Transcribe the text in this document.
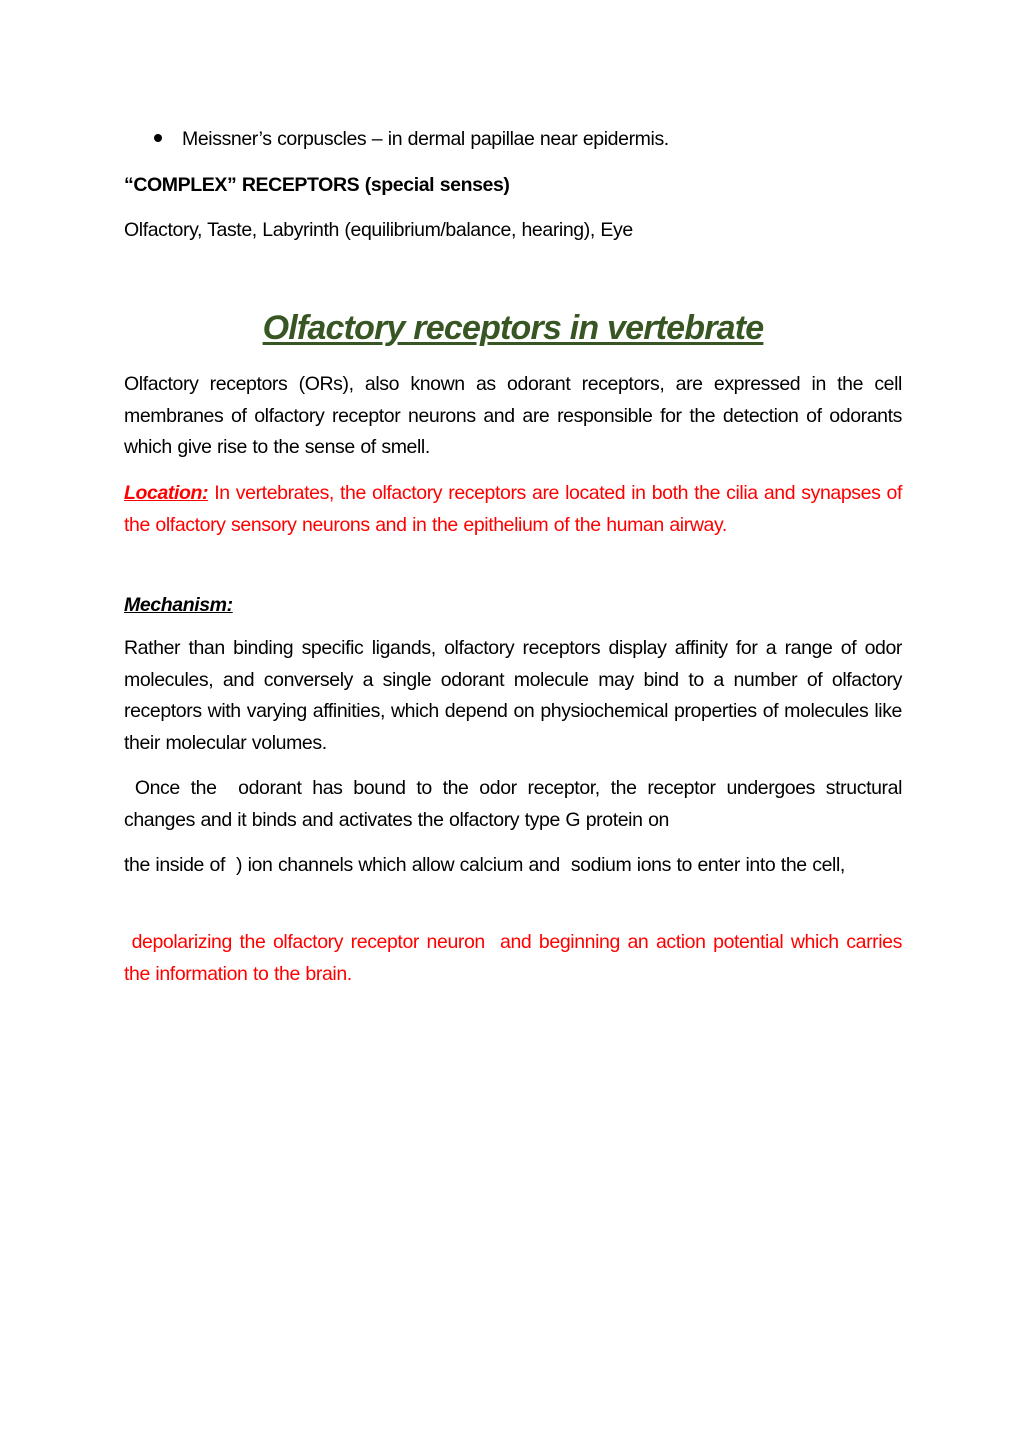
Meissner’s corpuscles – in dermal papillae near epidermis.

“COMPLEX” RECEPTORS (special senses)

Olfactory, Taste, Labyrinth (equilibrium/balance, hearing), Eye

Olfactory receptors in vertebrate

Olfactory receptors (ORs), also known as odorant receptors, are expressed in the cell membranes of olfactory receptor neurons and are responsible for the detection of odorants which give rise to the sense of smell.

Location: In vertebrates, the olfactory receptors are located in both the cilia and synapses of the olfactory sensory neurons and in the epithelium of the human airway.

Mechanism:

Rather than binding specific ligands, olfactory receptors display affinity for a range of odor molecules, and conversely a single odorant molecule may bind to a number of olfactory receptors with varying affinities, which depend on physiochemical properties of molecules like their molecular volumes.

Once the  odorant has bound to the odor receptor, the receptor undergoes structural  changes and it binds and activates the olfactory type G protein on

the inside of  ) ion channels which allow calcium and  sodium ions to enter into the cell,

depolarizing the olfactory receptor neuron  and beginning an action potential which carries the information to the brain.
